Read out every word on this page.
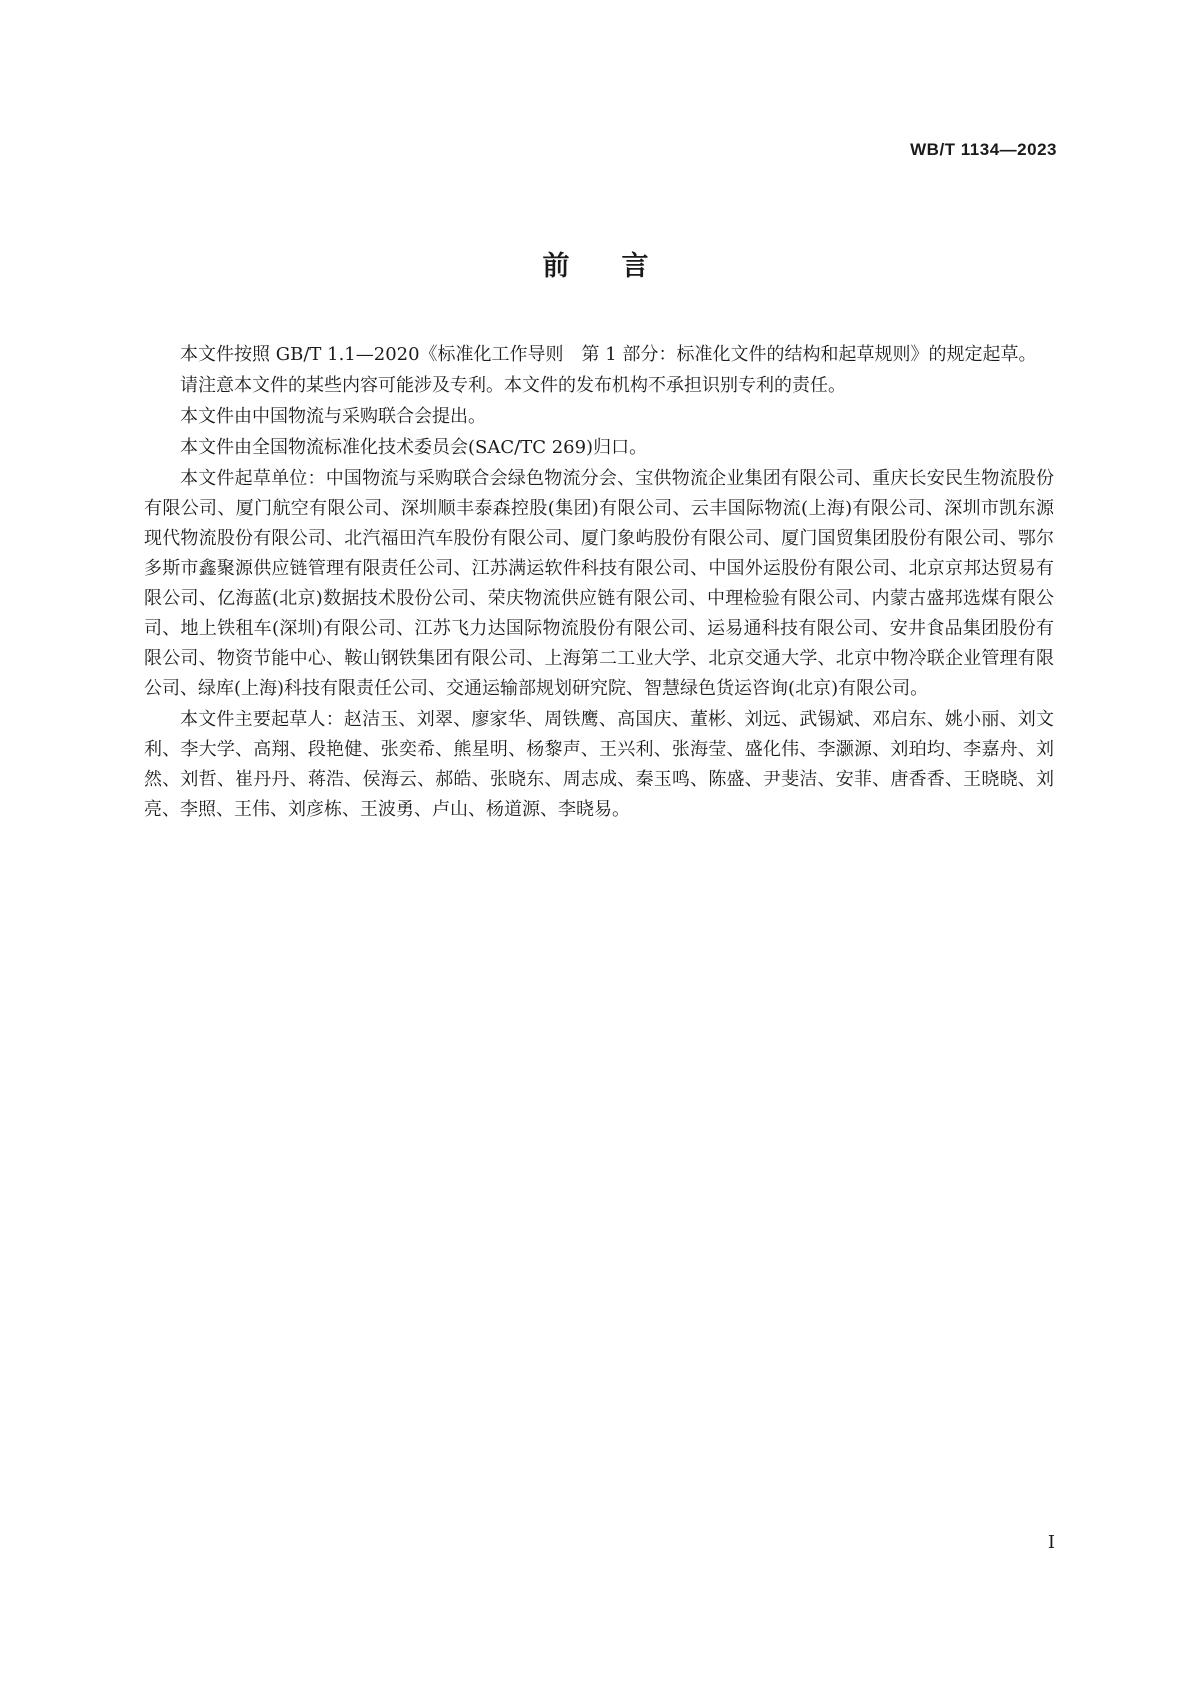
WB/T 1134—2023
前言

本文件按照 GB/T 1.1—2020《标准化工作导则　第 1 部分：标准化文件的结构和起草规则》的规定起草。

请注意本文件的某些内容可能涉及专利。本文件的发布机构不承担识别专利的责任。

本文件由中国物流与采购联合会提出。

本文件由全国物流标准化技术委员会(SAC/TC 269)归口。

本文件起草单位：中国物流与采购联合会绿色物流分会、宝供物流企业集团有限公司、重庆长安民生物流股份有限公司、厦门航空有限公司、深圳顺丰泰森控股(集团)有限公司、云丰国际物流(上海)有限公司、深圳市凯东源现代物流股份有限公司、北汽福田汽车股份有限公司、厦门象屿股份有限公司、厦门国贸集团股份有限公司、鄂尔多斯市鑫聚源供应链管理有限责任公司、江苏满运软件科技有限公司、中国外运股份有限公司、北京京邦达贸易有限公司、亿海蓝(北京)数据技术股份公司、荣庆物流供应链有限公司、中理检验有限公司、内蒙古盛邦选煤有限公司、地上铁租车(深圳)有限公司、江苏飞力达国际物流股份有限公司、运易通科技有限公司、安井食品集团股份有限公司、物资节能中心、鞍山钢铁集团有限公司、上海第二工业大学、北京交通大学、北京中物冷联企业管理有限公司、绿库(上海)科技有限责任公司、交通运输部规划研究院、智慧绿色货运咨询(北京)有限公司。

本文件主要起草人：赵洁玉、刘翠、廖家华、周铁鹰、高国庆、董彬、刘远、武锡斌、邓启东、姚小丽、刘文利、李大学、高翔、段艳健、张奕希、熊星明、杨黎声、王兴利、张海莹、盛化伟、李灏源、刘珀均、李嘉舟、刘然、刘哲、崔丹丹、蒋浩、侯海云、郝皓、张晓东、周志成、秦玉鸣、陈盛、尹斐洁、安菲、唐香香、王晓晓、刘亮、李照、王伟、刘彦栋、王波勇、卢山、杨道源、李晓易。

I
